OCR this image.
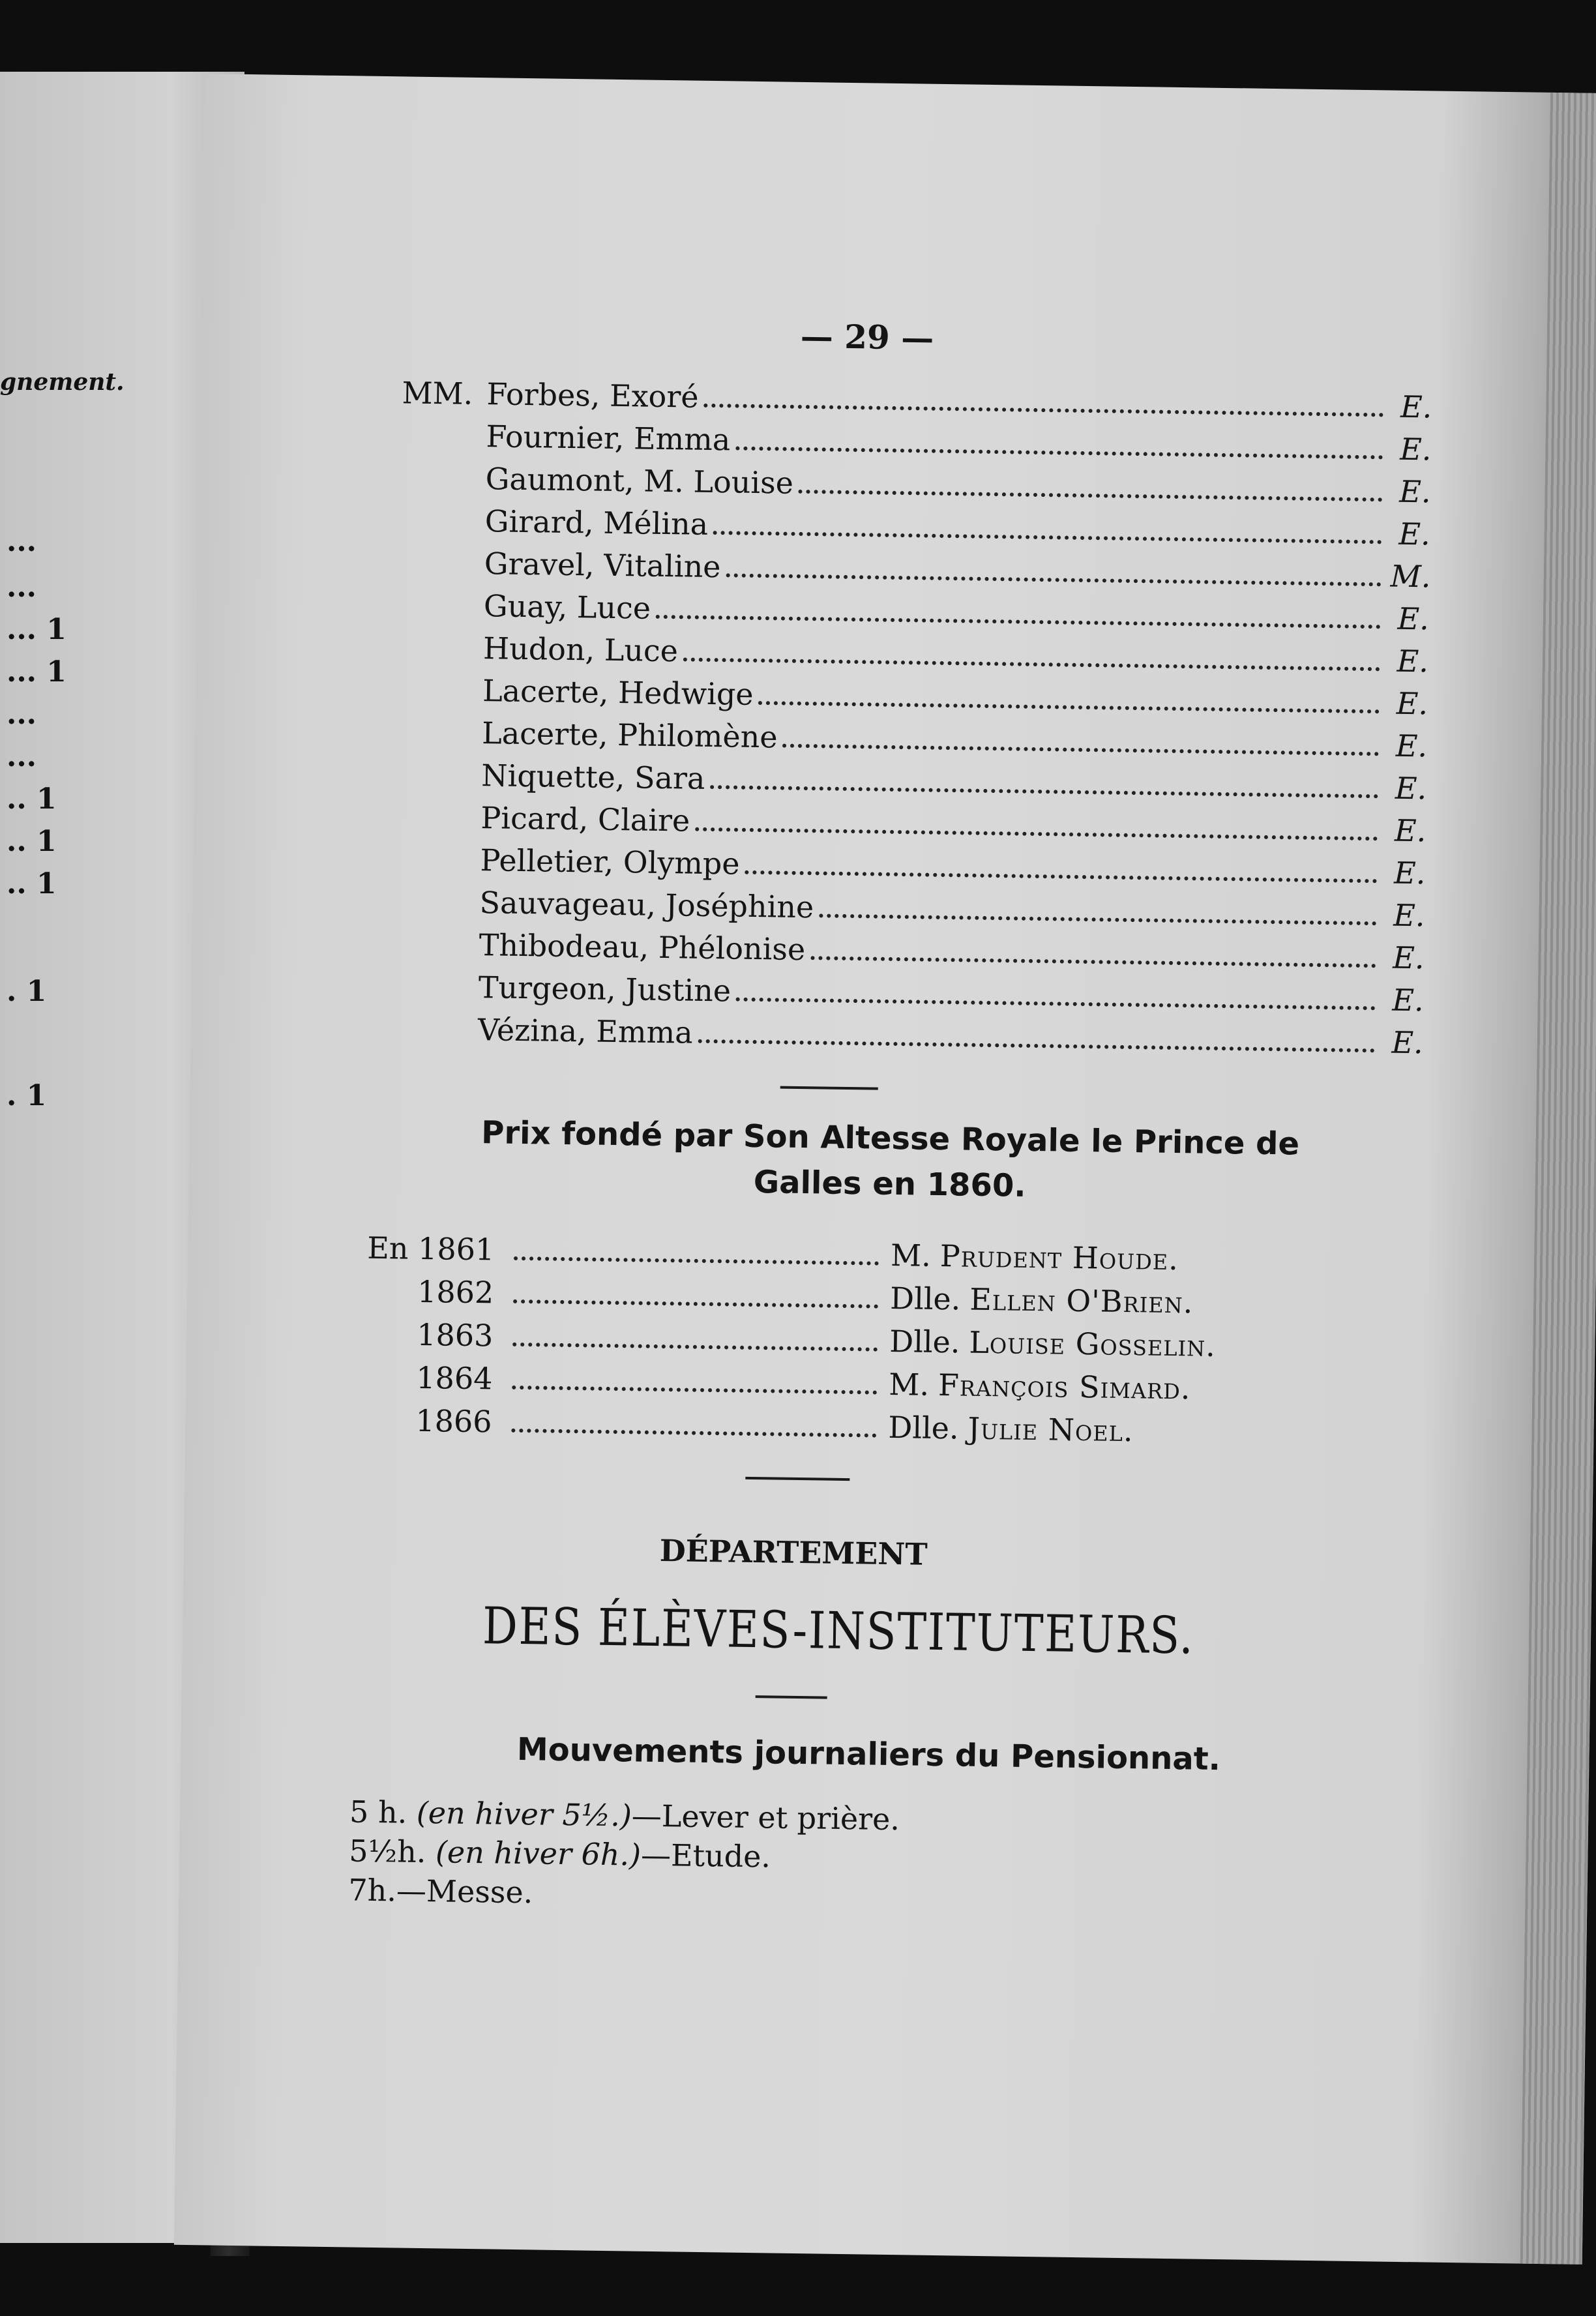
gnement.
...
...
... 1
... 1
...
...
.. 1
.. 1
.. 1
. 1
. 1
— 29 —
MM. Forbes, Exoré	E.
Fournier, Emma	E.
Gaumont, M. Louise	E.
Girard, Mélina	E.
Gravel, Vitaline	M.
Guay, Luce	E.
Hudon, Luce	E.
Lacerte, Hedwige	E.
Lacerte, Philomène	E.
Niquette, Sara	E.
Picard, Claire	E.
Pelletier, Olympe	E.
Sauvageau, Joséphine	E.
Thibodeau, Phélonise	E.
Turgeon, Justine	E.
Vézina, Emma	E.
Prix fondé par Son Altesse Royale le Prince de
Galles en 1860.
En 1861	M. Prudent Houde.
1862	Dlle. Ellen O'Brien.
1863	Dlle. Louise Gosselin.
1864	M. François Simard.
1866	Dlle. Julie Noel.
DÉPARTEMENT
DES ÉLÈVES-INSTITUTEURS.
Mouvements journaliers du Pensionnat.
5 h. (en hiver 5½.)—Lever et prière.
5½h. (en hiver 6h.)—Etude.
7h.—Messe.
